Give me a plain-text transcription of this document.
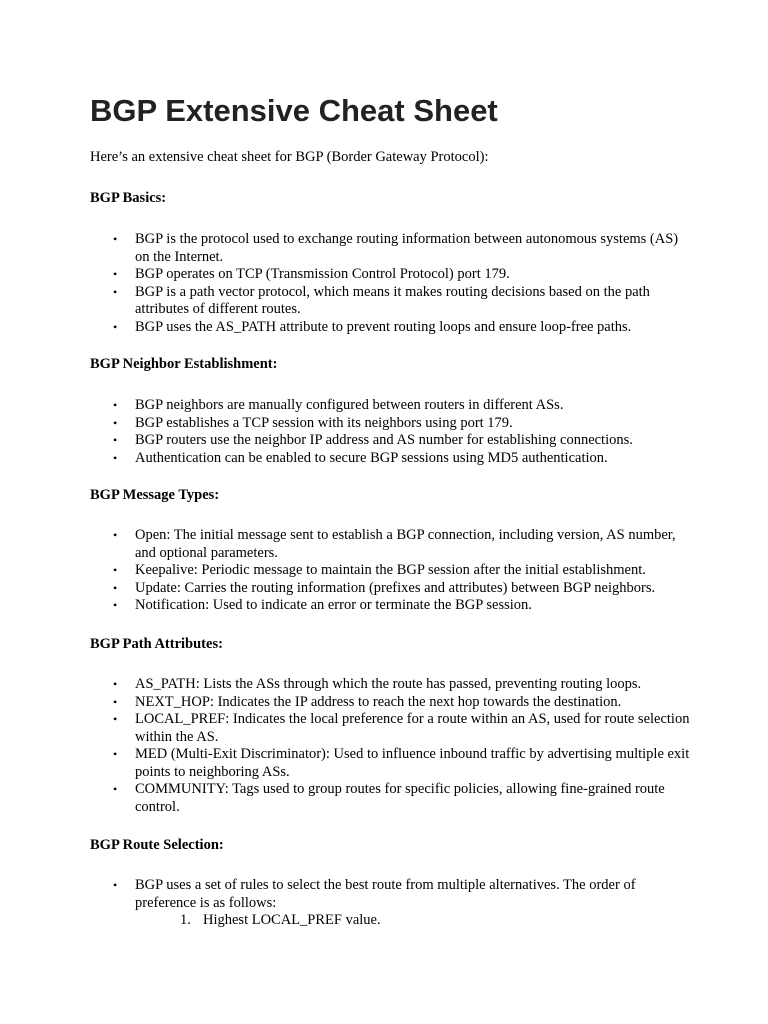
BGP Extensive Cheat Sheet
Here’s an extensive cheat sheet for BGP (Border Gateway Protocol):
BGP Basics:
• BGP is the protocol used to exchange routing information between autonomous systems (AS) on the Internet.
• BGP operates on TCP (Transmission Control Protocol) port 179.
• BGP is a path vector protocol, which means it makes routing decisions based on the path attributes of different routes.
• BGP uses the AS_PATH attribute to prevent routing loops and ensure loop-free paths.
BGP Neighbor Establishment:
• BGP neighbors are manually configured between routers in different ASs.
• BGP establishes a TCP session with its neighbors using port 179.
• BGP routers use the neighbor IP address and AS number for establishing connections.
• Authentication can be enabled to secure BGP sessions using MD5 authentication.
BGP Message Types:
• Open: The initial message sent to establish a BGP connection, including version, AS number, and optional parameters.
• Keepalive: Periodic message to maintain the BGP session after the initial establishment.
• Update: Carries the routing information (prefixes and attributes) between BGP neighbors.
• Notification: Used to indicate an error or terminate the BGP session.
BGP Path Attributes:
• AS_PATH: Lists the ASs through which the route has passed, preventing routing loops.
• NEXT_HOP: Indicates the IP address to reach the next hop towards the destination.
• LOCAL_PREF: Indicates the local preference for a route within an AS, used for route selection within the AS.
• MED (Multi-Exit Discriminator): Used to influence inbound traffic by advertising multiple exit points to neighboring ASs.
• COMMUNITY: Tags used to group routes for specific policies, allowing fine-grained route control.
BGP Route Selection:
• BGP uses a set of rules to select the best route from multiple alternatives. The order of preference is as follows:
1. Highest LOCAL_PREF value.
